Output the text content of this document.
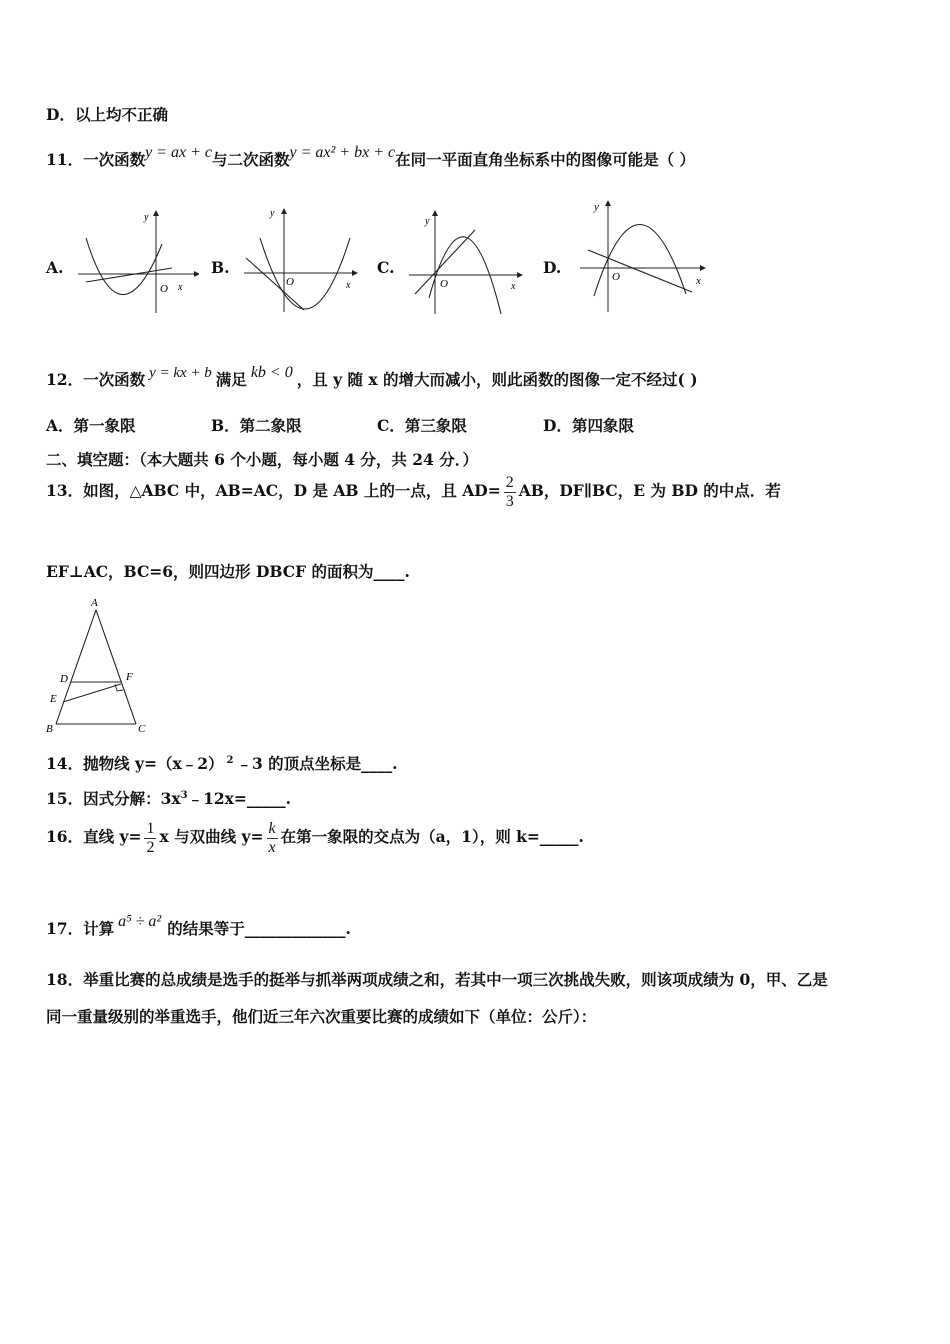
D．以上均不正确
11．一次函数y = ax + c与二次函数y = ax² + bx + c在同一平面直角坐标系中的图像可能是（ ）
A.	B.	C.	D.
y
x
O
y
x
O
y
x
O
y
x
O
12．一次函数 y = kx + b 满足 kb < 0 ，且 y 随 x 的增大而减小，则此函数的图像一定不经过( )
A．第一象限	B．第二象限	C．第三象限	D．第四象限
二、填空题：（本大题共 6 个小题，每小题 4 分，共 24 分．）
13．如图，△ABC 中，AB=AC，D 是 AB 上的一点，且 $AD= \frac{2}{3}$ AB，DF∥BC，E 为 BD 的中点．若
EF⊥AC，BC=6，则四边形 DBCF 的面积为____.
A
D
E
F
B	C
14．抛物线 y=（x﹣2） $^2$ ﹣3 的顶点坐标是____.
15．因式分解：$3x^3﹣12x=\_\_\_\_\_$.
16．直线 $y= \frac{1}{2}$ x 与双曲线 $y= \frac{k}{x}$ 在第一象限的交点为（a，1），则 k=_____.
17．计算 a⁵ ÷ a² 的结果等于_____________.
18．举重比赛的总成绩是选手的挺举与抓举两项成绩之和，若其中一项三次挑战失败，则该项成绩为 0，甲、乙是
同一重量级别的举重选手，他们近三年六次重要比赛的成绩如下（单位：公斤）：
